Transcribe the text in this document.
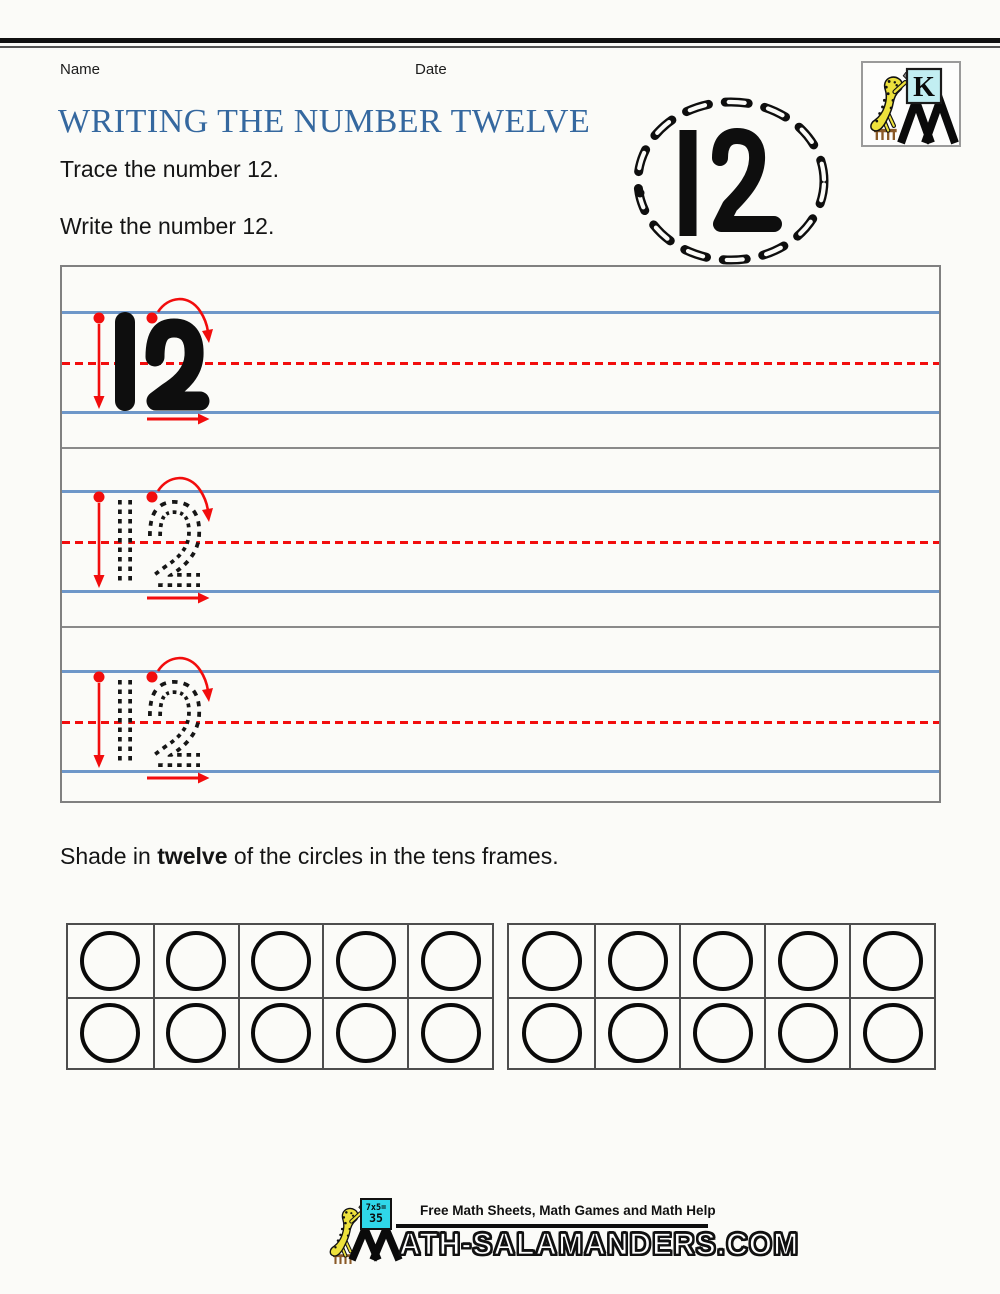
Name	Date
WRITING THE NUMBER TWELVE
Trace the number 12.
Write the number 12.
K
Shade in twelve of the circles in the tens frames.
7x5=
35	Free Math Sheets, Math Games and Math Help
ATH-SALAMANDERS.COM
